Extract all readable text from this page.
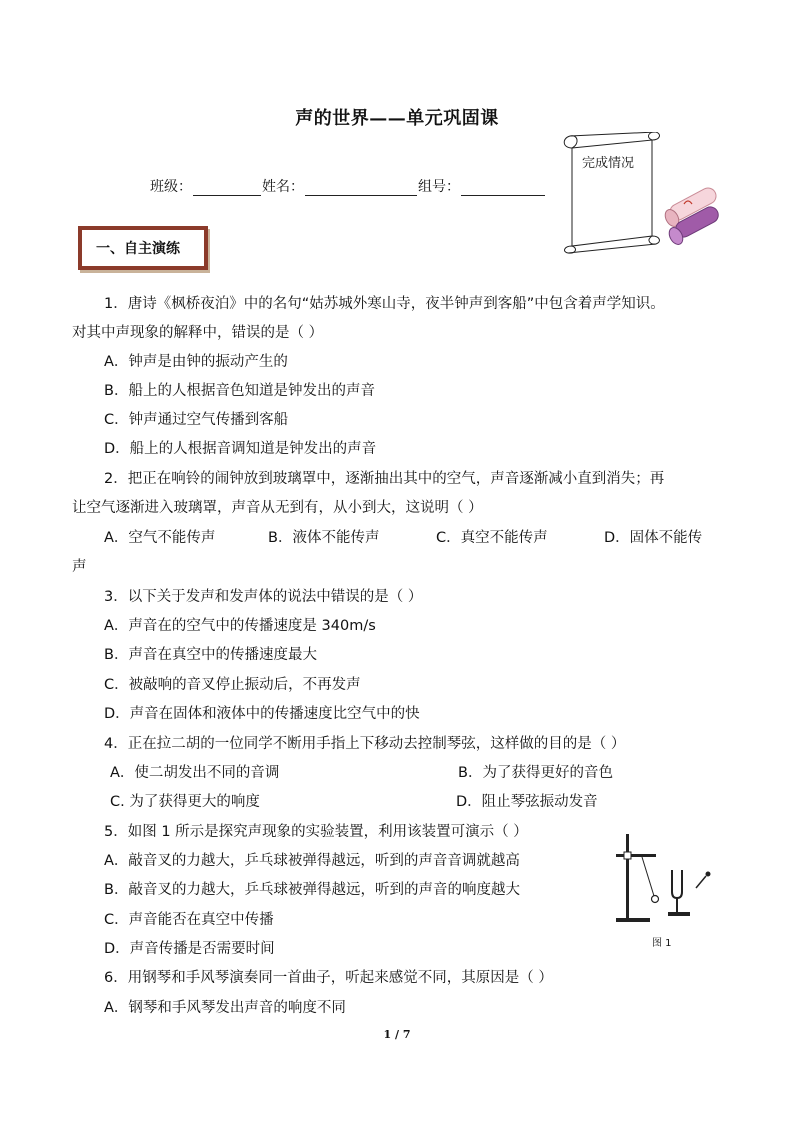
声的世界——单元巩固课
班级：	姓名：	组号：
完成情况
一、自主演练
1．唐诗《枫桥夜泊》中的名句“姑苏城外寒山寺，夜半钟声到客船”中包含着声学知识。
对其中声现象的解释中，错误的是（ ）
A．钟声是由钟的振动产生的
B．船上的人根据音色知道是钟发出的声音
C．钟声通过空气传播到客船
D．船上的人根据音调知道是钟发出的声音
2．把正在响铃的闹钟放到玻璃罩中，逐渐抽出其中的空气，声音逐渐减小直到消失；再
让空气逐渐进入玻璃罩，声音从无到有，从小到大，这说明（ ）
A．空气不能传声	B．液体不能传声	C．真空不能传声	D．固体不能传
声
3．以下关于发声和发声体的说法中错误的是（ ）
A．声音在的空气中的传播速度是 340m/s
B．声音在真空中的传播速度最大
C．被敲响的音叉停止振动后，不再发声
D．声音在固体和液体中的传播速度比空气中的快
4．正在拉二胡的一位同学不断用手指上下移动去控制琴弦，这样做的目的是（ ）
A．使二胡发出不同的音调	B．为了获得更好的音色
C. 为了获得更大的响度	D．阻止琴弦振动发音
5．如图 1 所示是探究声现象的实验装置，利用该装置可演示（ ）
A．敲音叉的力越大，乒乓球被弹得越远，听到的声音音调就越高
B．敲音叉的力越大，乒乓球被弹得越远，听到的声音的响度越大
C．声音能否在真空中传播
D．声音传播是否需要时间
6．用钢琴和手风琴演奏同一首曲子，听起来感觉不同，其原因是（ ）
A．钢琴和手风琴发出声音的响度不同
图 1
1 / 7
